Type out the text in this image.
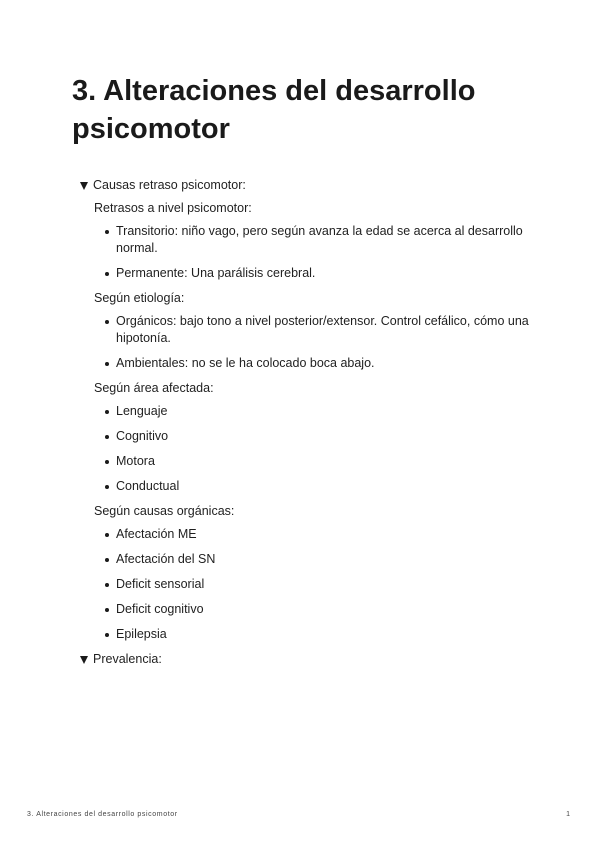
3. Alteraciones del desarrollo psicomotor
Causas retraso psicomotor:

Retrasos a nivel psicomotor:

Transitorio: niño vago, pero según avanza la edad se acerca al desarrollo normal.
Permanente: Una parálisis cerebral.

Según etiología:

Orgánicos: bajo tono a nivel posterior/extensor. Control cefálico, cómo una hipotonía.
Ambientales: no se le ha colocado boca abajo.

Según área afectada:

Lenguaje
Cognitivo
Motora
Conductual

Según causas orgánicas:

Afectación ME
Afectación del SN
Deficit sensorial
Deficit cognitivo
Epilepsia
Prevalencia:
3. Alteraciones del desarrollo psicomotor	1
